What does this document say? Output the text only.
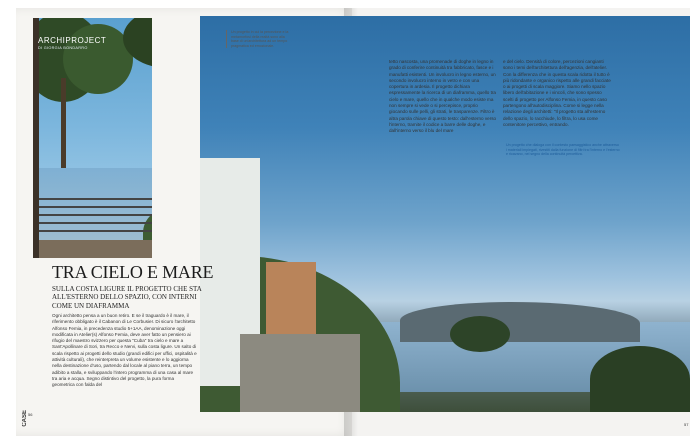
ARCHIPROJECT
DI GIORGIA BONDARRO
Un progetto in cui la percezione e la metamorfosi della realtà sono alla base di un'architettura ad un tempo pragmatica ed emozionale.
TRA CIELO E MARE
SULLA COSTA LIGURE IL PROGETTO CHE STA ALL'ESTERNO DELLO SPAZIO, CON INTERNI COME UN DIAFRAMMA
Ogni architetto pensa a un buon retiro. E se il traguardo è il mare, il riferimento obbligato è il Cabanon di Le Corbusier. Di sicuro l'architetto Alfonso Femia, in precedenza studio 5+1AA, denominazione oggi modificata in Atelier(s) Alfonso Femia, deve aver fatto un pensiero ai rifugio del maestro svizzero per questa "Cuba" tra cielo e mare a Sant'Apollinare di Sori, tra Recco e Nervi, sulla costa ligure. Un salto di scala rispetto ai progetti dello studio (grandi edifici per uffici, ospitalità e attività culturali), che reinterpreta un volume esistente e lo aggiorna nella destinazione d'uso, partendo dal locale al piano terra, un tempo adibito a stalla, e sviluppando l'intero programma di una casa al mare tra aria e acqua. Segno distintivo del progetto, la pura forma geometrica con falda del
tetto nascosta, una promenade di doghe in legno in grado di conferire continuità tra fabbricato, fasce e i manufatti esistenti. Un involucro in legno esterno, un secondo involucro interno in vetro e con una copertura in ardesia. Il progetto dichiara espressamente la ricerca di un diaframma, quello tra cielo e mare, quello che in qualche modo esiste ma non sempre si vede o si percepisce, proprio giocando sulle pelli, gli strati, le trasparenze. Filtro è altra parola chiave di questo testo: dall'esterno verso l'interno, tramite il codice a barre delle doghe, e dall'interno verso il blu del mare
e del cielo. Densità di colore, percezioni cangianti sono i temi dell'architettura dell'agenzia, dell'atelier. Con la differenza che in questa scala ridotta il tutto è più ridondante e organico rispetto alle grandi facciate o ai progetti di scala maggiore. Siamo nello spazio libero dell'abitazione e i vincoli, che sono spesso scelti di progetto per Alfonso Femia, in questo caso partengono all'autodisciplina. Come si legge nella relazione degli architetti: "Il progetto sta all'esterno dello spazio, lo racchiude, lo filtra, lo usa come contenitore percettivo, entrando.
Un progetto che dialoga con il contesto paesaggistico anche attraverso i materiali impiegati, rivestiti dalla funzione di filtri tra l'interno e l'esterno e ricavano, nel segno della continuità percettiva.
CASE 56
57
